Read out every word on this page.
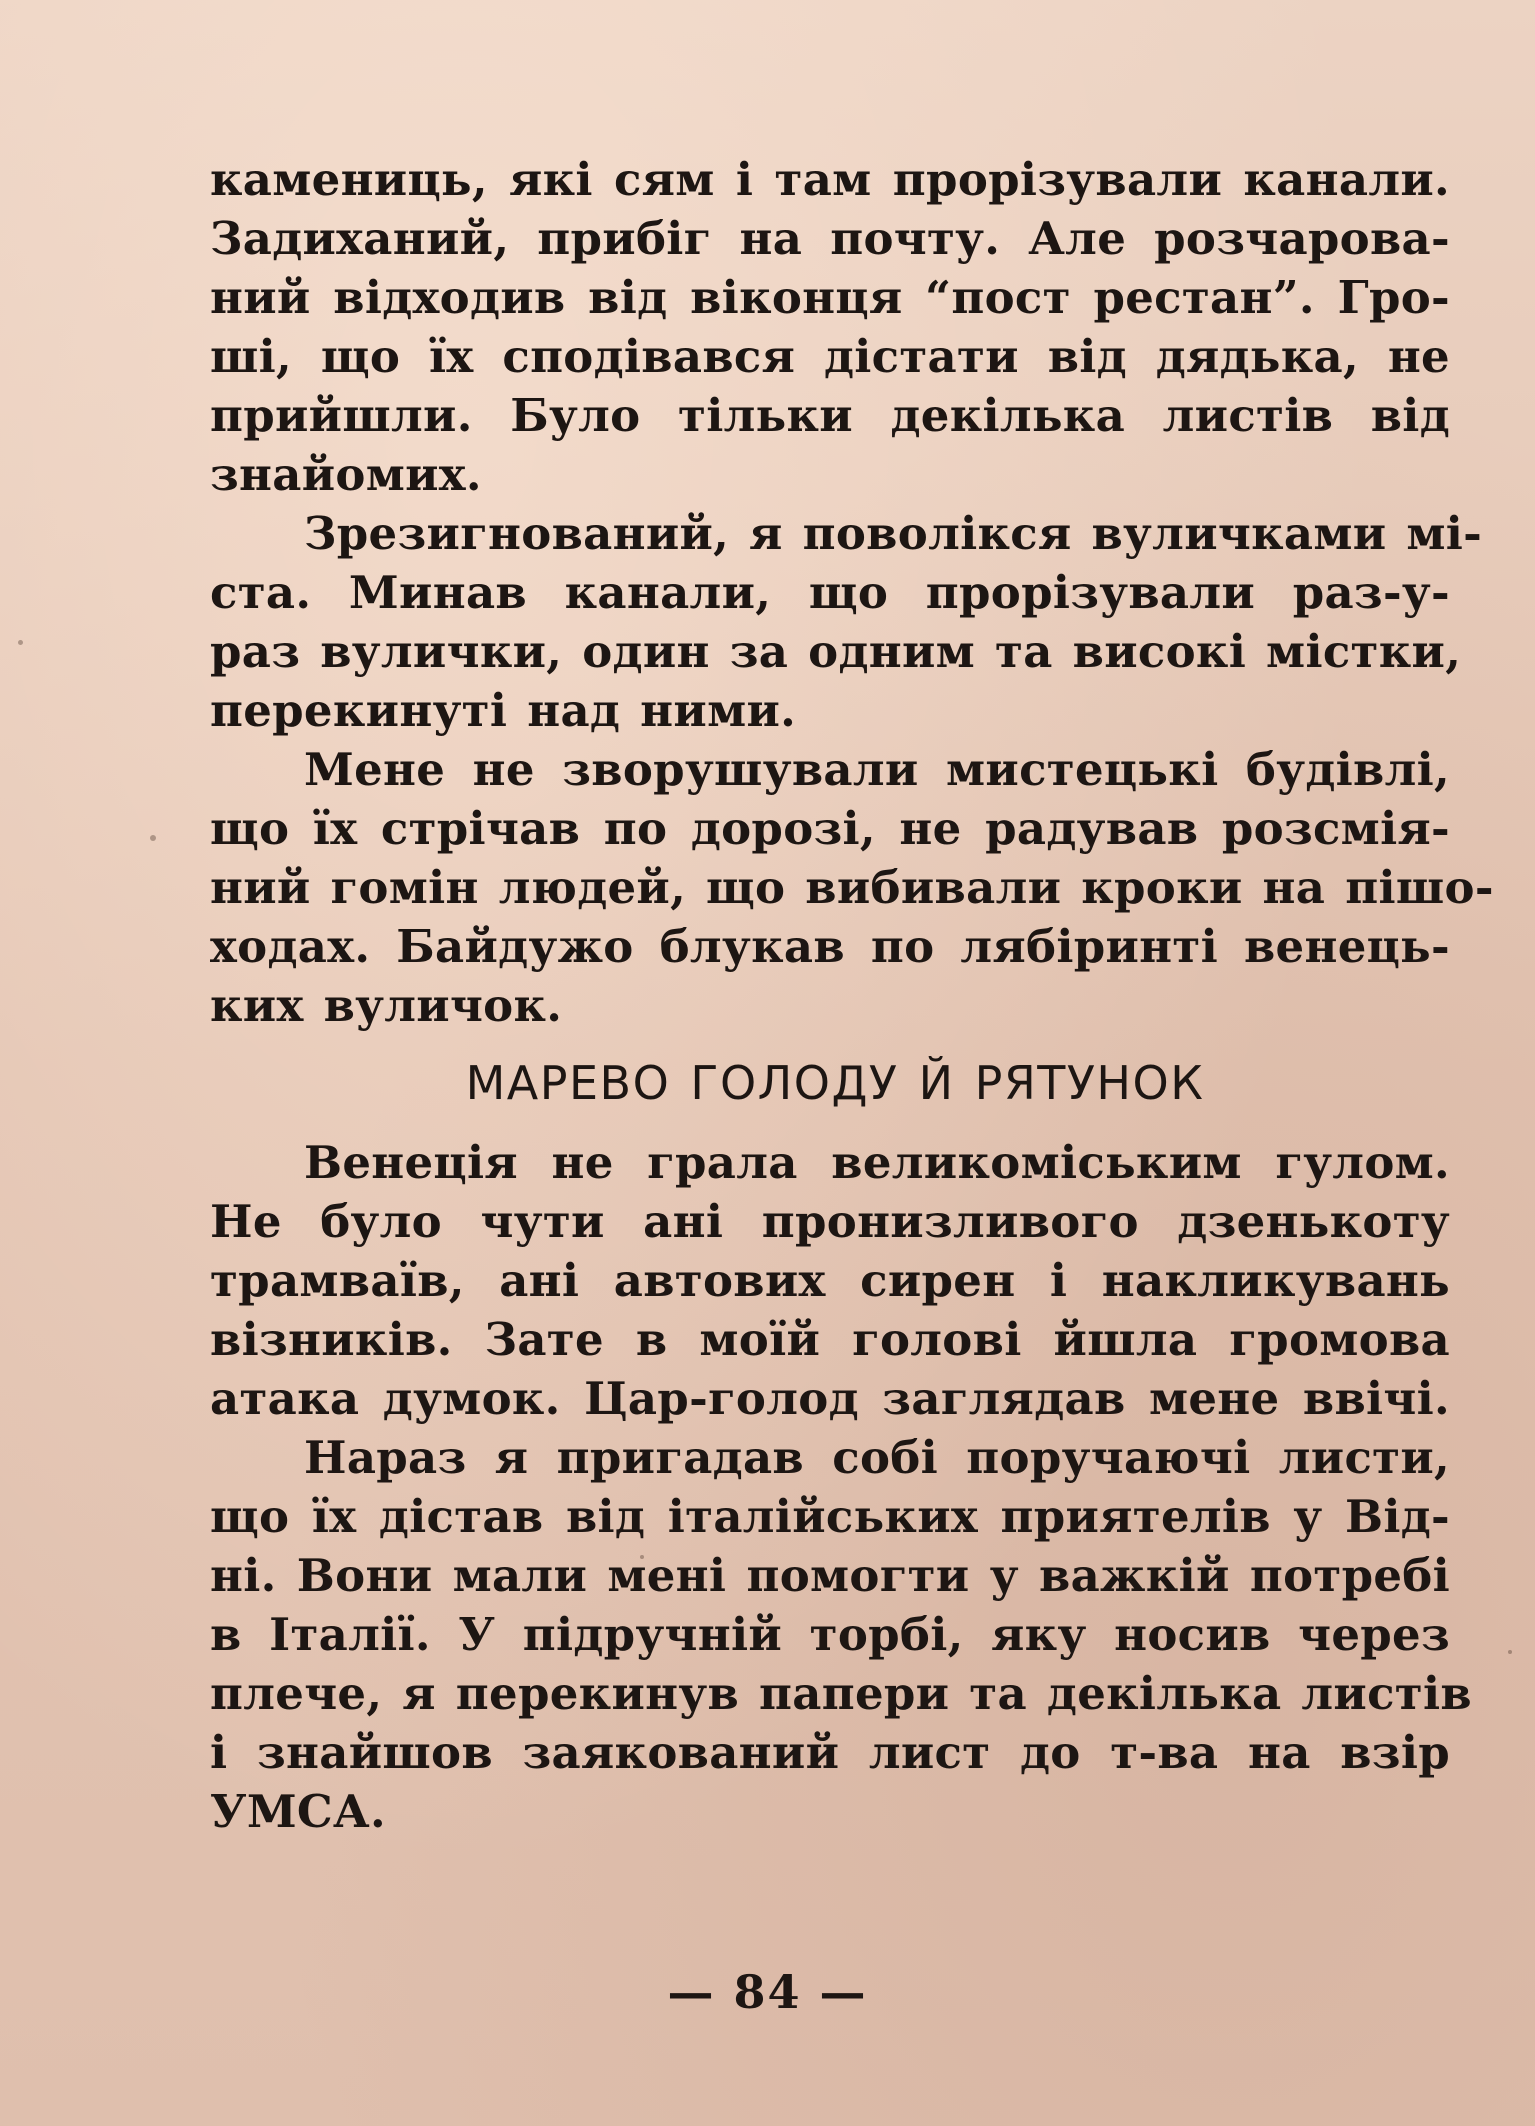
камениць, які сям і там прорізували канали.
Задиханий, прибіг на почту. Але розчарова-
ний відходив від віконця “пост рестан”. Гро-
ші, що їх сподівався дістати від дядька, не
прийшли. Було тільки декілька листів від
знайомих.
Зрезигнований, я поволікся вуличками мі-
ста. Минав канали, що прорізували раз-у-
раз вулички, один за одним та високі містки,
перекинуті над ними.
Мене не зворушували мистецькі будівлі,
що їх стрічав по дорозі, не радував розсмія-
ний гомін людей, що вибивали кроки на пішо-
ходах. Байдужо блукав по лябіринті венець-
ких вуличок.
МАРЕВО ГОЛОДУ Й РЯТУНОК
Венеція не грала великоміським гулом.
Не було чути ані пронизливого дзенькоту
трамваїв, ані автових сирен і накликувань
візників. Зате в моїй голові йшла громова
атака думок. Цар-голод заглядав мене ввічі.
Нараз я пригадав собі поручаючі листи,
що їх дістав від італійських приятелів у Від-
ні. Вони мали мені помогти у важкій потребі
в Італії. У підручній торбі, яку носив через
плече, я перекинув папери та декілька листів
і знайшов заякований лист до т-ва на взір
УМСА.
— 84 —
